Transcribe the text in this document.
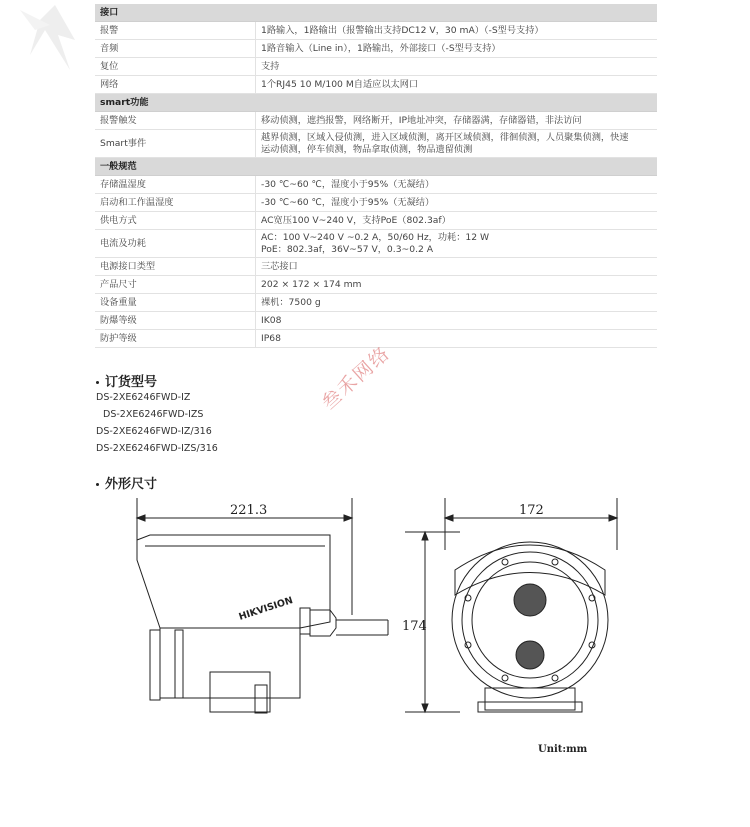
接口	
报警	1路输入，1路输出（报警输出支持DC12 V，30 mA）（-S型号支持）
音频	1路音输入（Line in），1路输出，外部接口（-S型号支持）
复位	支持
网络	1个RJ45 10 M/100 M自适应以太网口
smart功能	
报警触发	移动侦测，遮挡报警，网络断开，IP地址冲突，存储器满，存储器错，非法访问
Smart事件	越界侦测，区域入侵侦测，进入区域侦测，离开区域侦测，徘徊侦测，人员聚集侦测，快速
运动侦测，停车侦测，物品拿取侦测，物品遗留侦测

一般规范	
存储温湿度	-30 ℃~60 ℃，湿度小于95%（无凝结）
启动和工作温湿度	-30 ℃~60 ℃，湿度小于95%（无凝结）
供电方式	AC宽压100 V~240 V，支持PoE（802.3af）
电流及功耗	AC：100 V~240 V ~0.2 A，50/60 Hz，功耗：12 W
PoE：802.3af，36V~57 V，0.3~0.2 A

电源接口类型	三芯接口
产品尺寸	202 × 172 × 174 mm
设备重量	裸机：7500 g
防爆等级	IK08
防护等级	IP68
订货型号
DS-2XE6246FWD-IZ
DS-2XE6246FWD-IZS
DS-2XE6246FWD-IZ/316
DS-2XE6246FWD-IZS/316
叁禾网络
外形尺寸
221.3	172
174
HIKVISION
Unit:mm
